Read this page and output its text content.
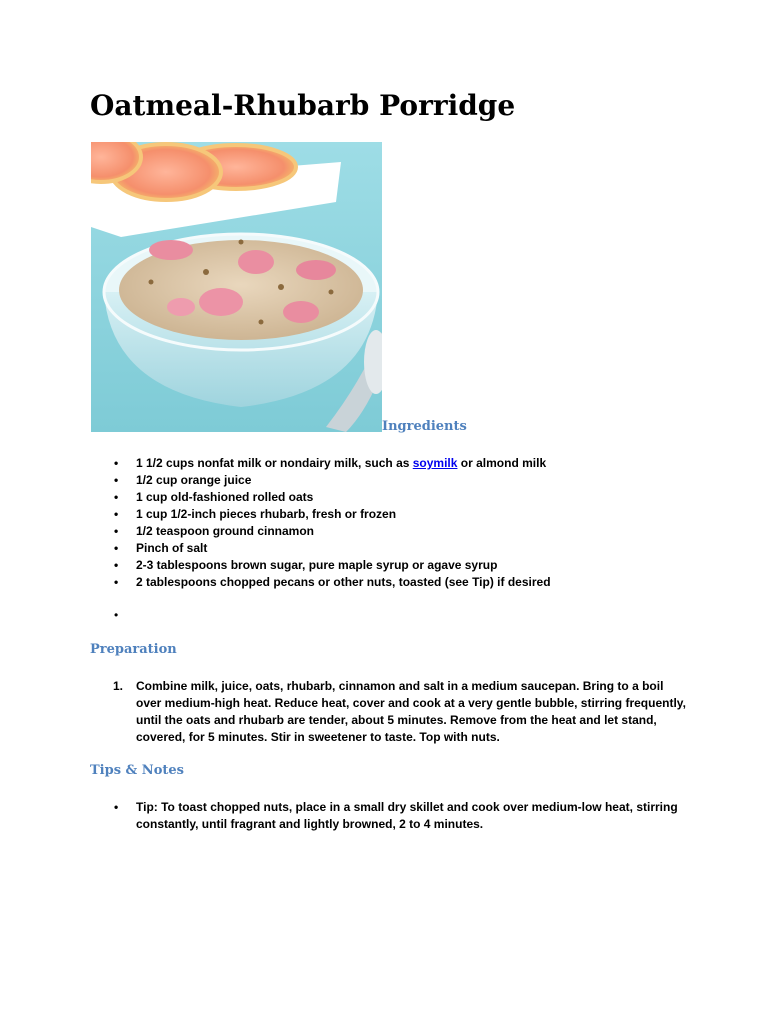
Oatmeal-Rhubarb Porridge
Ingredients
• 1 1/2 cups nonfat milk or nondairy milk, such as soymilk or almond milk
• 1/2 cup orange juice
• 1 cup old-fashioned rolled oats
• 1 cup 1/2-inch pieces rhubarb, fresh or frozen
• 1/2 teaspoon ground cinnamon
• Pinch of salt
• 2-3 tablespoons brown sugar, pure maple syrup or agave syrup
• 2 tablespoons chopped pecans or other nuts, toasted (see Tip) if desired
•
Preparation
1. Combine milk, juice, oats, rhubarb, cinnamon and salt in a medium saucepan. Bring to a boil over medium-high heat. Reduce heat, cover and cook at a very gentle bubble, stirring frequently, until the oats and rhubarb are tender, about 5 minutes. Remove from the heat and let stand, covered, for 5 minutes. Stir in sweetener to taste. Top with nuts.
Tips & Notes
• Tip: To toast chopped nuts, place in a small dry skillet and cook over medium-low heat, stirring constantly, until fragrant and lightly browned, 2 to 4 minutes.
